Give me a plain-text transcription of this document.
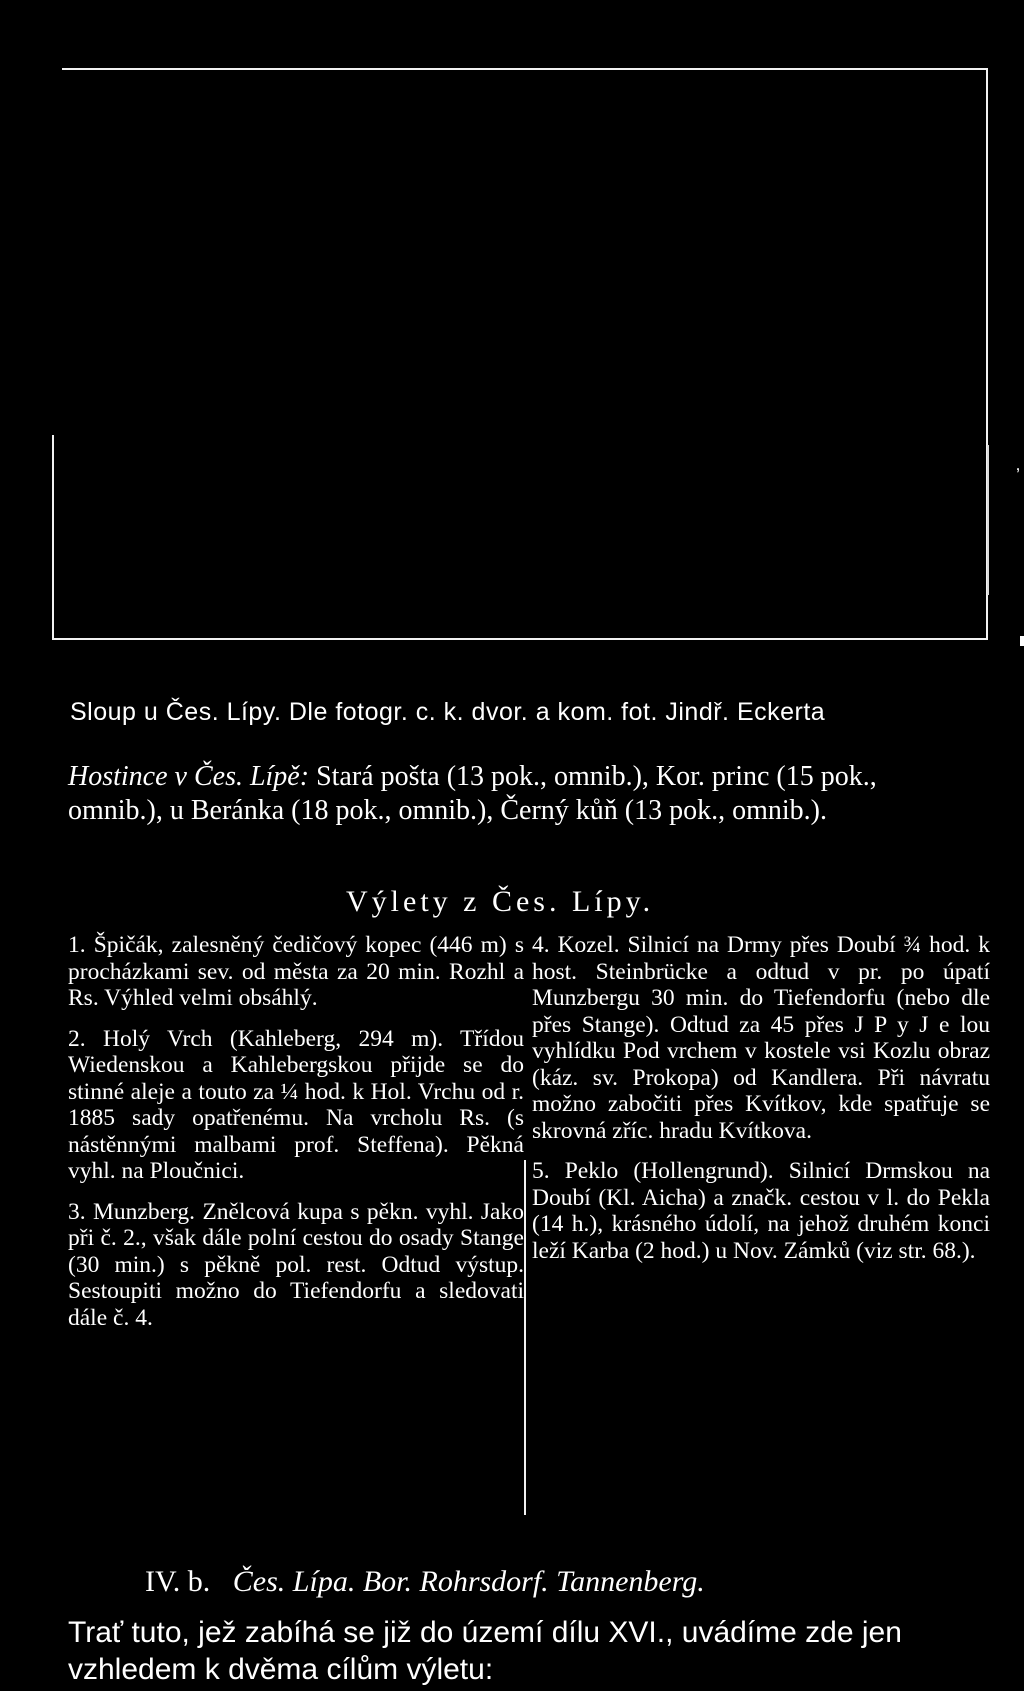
‚
Sloup u Čes. Lípy. Dle fotogr. c. k. dvor. a kom. fot. Jindř. Eckerta
Hostince v Čes. Lípě: Stará pošta (13 pok., omnib.), Kor. princ (15 pok., omnib.), u Beránka (18 pok., omnib.), Černý kůň (13 pok., omnib.).
Výlety z Čes. Lípy.

1. Špičák, zalesněný čedičový kopec (446 m) s procházkami sev. od města za 20 min. Rozhl a Rs. Výhled velmi obsáhlý.

2. Holý Vrch (Kahleberg, 294 m). Třídou Wiedenskou a Kahlebergskou přijde se do stinné aleje a touto za ¼ hod. k Hol. Vrchu od r. 1885 sady opatřenému. Na vrcholu Rs. (s nástěnnými malbami prof. Steffena). Pěkná vyhl. na Ploučnici.

3. Munzberg. Znělcová kupa s pěkn. vyhl. Jako při č. 2., však dále polní cestou do osady Stange (30 min.) s pěkně pol. rest. Odtud výstup. Sestoupiti možno do Tiefendorfu a sledovati dále č. 4.

4. Kozel. Silnicí na Drmy přes Doubí ¾ hod. k host. Steinbrücke a odtud v pr. po úpatí Munzbergu 30 min. do Tiefendorfu (nebo dle přes Stange). Odtud za 45 přes J P y J e lou vyhlídku Pod vrchem v kostele vsi Kozlu obraz (káz. sv. Prokopa) od Kandlera. Při návratu možno zabočiti přes Kvítkov, kde spatřuje se skrovná zříc. hradu Kvítkova.

5. Peklo (Hollengrund). Silnicí Drmskou na Doubí (Kl. Aicha) a značk. cestou v l. do Pekla (14 h.), krásného údolí, na jehož druhém konci leží Karba (2 hod.) u Nov. Zámků (viz str. 68.).

IV. b. Čes. Lípa. Bor. Rohrsdorf. Tannenberg.
Trať tuto, jež zabíhá se již do území dílu XVI., uvádíme zde jen vzhledem k dvěma cílům výletu:
